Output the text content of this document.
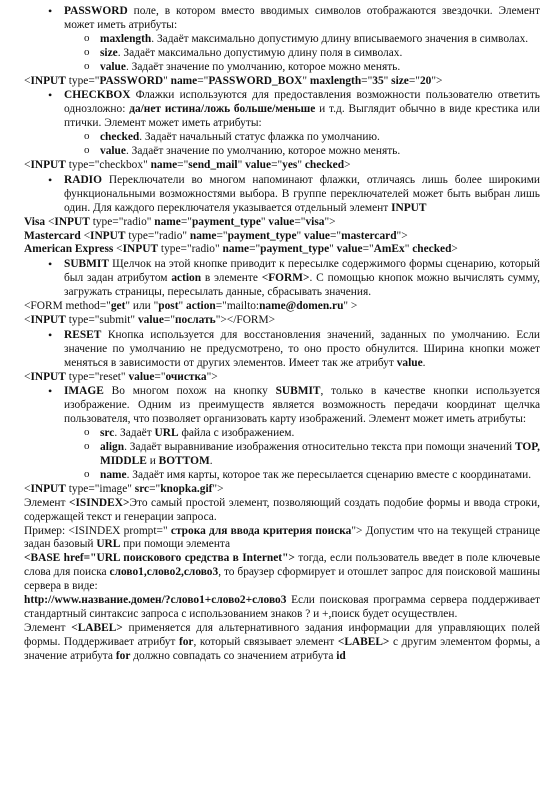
• PASSWORD поле, в котором вместо вводимых символов отображаются звездочки. Элемент может иметь атрибуты:
o maxlength. Задаёт максимально допустимую длину вписываемого значения в символах.
o size. Задаёт максимально допустимую длину поля в символах.
o value. Задаёт значение по умолчанию, которое можно менять.
<INPUT type="PASSWORD" name="PASSWORD_BOX" maxlength="35" size="20">
• CHECKBOX Флажки используются для предоставления возможности пользователю ответить однозложно: да/нет истина/ложь больше/меньше и т.д. Выглядит обычно в виде крестика или птички. Элемент может иметь атрибуты:
o checked. Задаёт начальный статус флажка по умолчанию.
o value. Задаёт значение по умолчанию, которое можно менять.
<INPUT type="checkbox" name="send_mail" value="yes" checked>
• RADIO Переключатели во многом напоминают флажки, отличаясь лишь более широкими функциональными возможностями выбора. В группе переключателей может быть выбран лишь один. Для каждого переключателя указывается отдельный элемент INPUT
Visa <INPUT type="radio" name="payment_type" value="visa">
Mastercard <INPUT type="radio" name="payment_type" value="mastercard">
American Express <INPUT type="radio" name="payment_type" value="AmEx" checked>
• SUBMIT Щелчок на этой кнопке приводит к пересылке содержимого формы сценарию, который был задан атрибутом action в элементе <FORM>. С помощью кнопок можно вычислять сумму, загружать страницы, пересылать данные, сбрасывать значения.
<FORM method="get" или "post" action="mailto:name@domen.ru" >
<INPUT type="submit" value="послать"></FORM>
• RESET Кнопка используется для восстановления значений, заданных по умолчанию. Если значение по умолчанию не предусмотрено, то оно просто обнулится. Ширина кнопки может меняться в зависимости от других элементов. Имеет так же атрибут value.
<INPUT type="reset" value="очистка">
• IMAGE Во многом похож на кнопку SUBMIT, только в качестве кнопки используется изображение. Одним из преимуществ является возможность передачи координат щелчка пользователя, что позволяет организовать карту изображений. Элемент может иметь атрибуты:
o src. Задаёт URL файла с изображением.
o align. Задаёт выравнивание изображения относительно текста при помощи значений TOP, MIDDLE и BOTTOM.
o name. Задаёт имя карты, которое так же пересылается сценарию вместе с координатами.
<INPUT type="image" src="knopka.gif">
Элемент <ISINDEX>Это самый простой элемент, позволяющий создать подобие формы и ввода строки, содержащей текст и генерации запроса.
Пример: <ISINDEX prompt=" строка для ввода критерия поиска"> Допустим что на текущей странице задан базовый URL при помощи элемента
<BASE href="URL поискового средства в Internet"> тогда, если пользователь введет в поле ключевые слова для поиска слово1,слово2,слово3, то браузер сформирует и отошлет запрос для поисковой машины сервера в виде:
http://www.название.домен/?слово1+слово2+слово3 Если поисковая программа сервера поддерживает стандартный синтаксис запроса с использованием знаков ? и +,поиск будет осуществлен.
Элемент <LABEL> применяется для альтернативного задания информации для управляющих полей формы. Поддерживает атрибут for, который связывает элемент <LABEL> с другим элементом формы, а значение атрибута for должно совпадать со значением атрибута id
